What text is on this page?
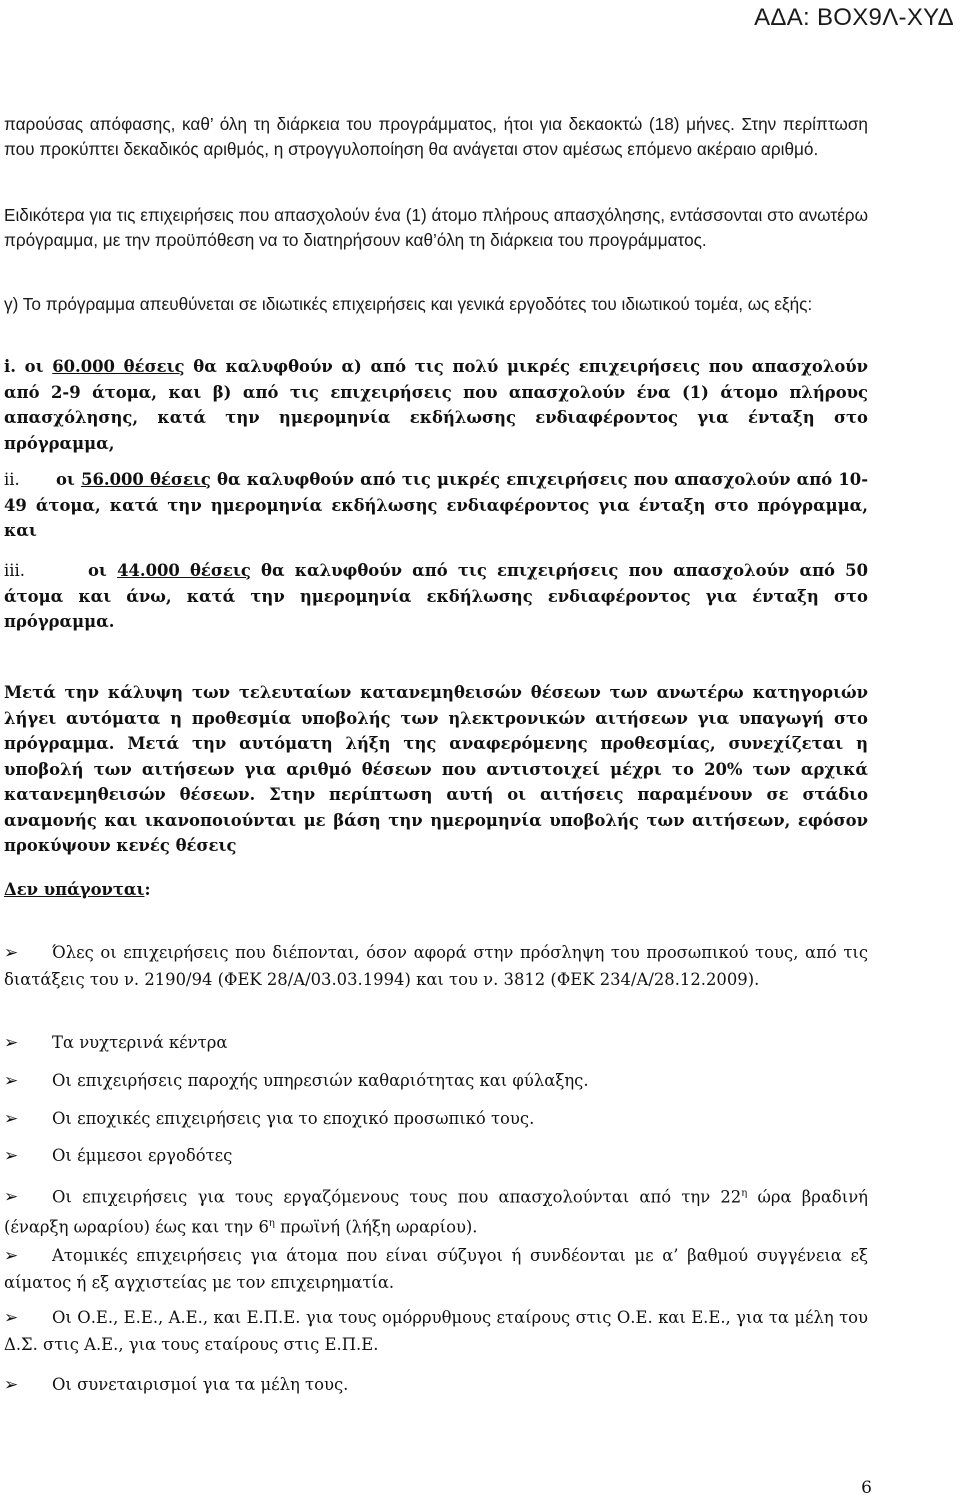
ΑΔΑ: ΒΟΧ9Λ-ΧΥΔ

παρούσας απόφασης, καθ’ όλη τη διάρκεια του προγράμματος, ήτοι για δεκαοκτώ (18) μήνες. Στην περίπτωση που προκύπτει δεκαδικός αριθμός, η στρογγυλοποίηση θα ανάγεται στον αμέσως επόμενο ακέραιο αριθμό.

Ειδικότερα για τις επιχειρήσεις που απασχολούν ένα (1) άτομο πλήρους απασχόλησης, εντάσσονται στο ανωτέρω πρόγραμμα, με την προϋπόθεση να το διατηρήσουν καθ’όλη τη διάρκεια του προγράμματος.

γ) Το πρόγραμμα απευθύνεται σε ιδιωτικές επιχειρήσεις και γενικά εργοδότες του ιδιωτικού τομέα, ως εξής:

i. οι 60.000 θέσεις θα καλυφθούν α) από τις πολύ μικρές επιχειρήσεις που απασχολούν από 2-9 άτομα, και β) από τις επιχειρήσεις που απασχολούν ένα (1) άτομο πλήρους απασχόλησης, κατά την ημερομηνία εκδήλωσης ενδιαφέροντος για ένταξη στο πρόγραμμα,

ii. οι 56.000 θέσεις θα καλυφθούν από τις μικρές επιχειρήσεις που απασχολούν από 10-49 άτομα, κατά την ημερομηνία εκδήλωσης ενδιαφέροντος για ένταξη στο πρόγραμμα, και

iii.	οι 44.000 θέσεις θα καλυφθούν από τις επιχειρήσεις που απασχολούν από 50 άτομα και άνω, κατά την ημερομηνία εκδήλωσης ενδιαφέροντος για ένταξη στο πρόγραμμα.

Μετά την κάλυψη των τελευταίων κατανεμηθεισών θέσεων των ανωτέρω κατηγοριών λήγει αυτόματα η προθεσμία υποβολής των ηλεκτρονικών αιτήσεων για υπαγωγή στο πρόγραμμα. Μετά την αυτόματη λήξη της αναφερόμενης προθεσμίας, συνεχίζεται η υποβολή των αιτήσεων για αριθμό θέσεων που αντιστοιχεί μέχρι το 20% των αρχικά κατανεμηθεισών θέσεων. Στην περίπτωση αυτή οι αιτήσεις παραμένουν σε στάδιο αναμονής και ικανοποιούνται με βάση την ημερομηνία υποβολής των αιτήσεων, εφόσον προκύψουν κενές θέσεις

Δεν υπάγονται:

➢ Όλες οι επιχειρήσεις που διέπονται, όσον αφορά στην πρόσληψη του προσωπικού τους, από τις διατάξεις του ν. 2190/94 (ΦΕΚ 28/Α/03.03.1994) και του ν. 3812 (ΦΕΚ 234/Α/28.12.2009).

➢ Τα νυχτερινά κέντρα

➢ Οι επιχειρήσεις παροχής υπηρεσιών καθαριότητας και φύλαξης.

➢ Οι εποχικές επιχειρήσεις για το εποχικό προσωπικό τους.

➢ Οι έμμεσοι εργοδότες

➢ Οι επιχειρήσεις για τους εργαζόμενους τους που απασχολούνται από την $22^\eta$ ώρα βραδινή (έναρξη ωραρίου) έως και την $6^\eta$ πρωϊνή (λήξη ωραρίου).

➢ Ατομικές επιχειρήσεις για άτομα που είναι σύζυγοι ή συνδέονται με α’ βαθμού συγγένεια εξ αίματος ή εξ αγχιστείας με τον επιχειρηματία.

➢ Οι Ο.Ε., Ε.Ε., Α.Ε., και Ε.Π.Ε. για τους ομόρρυθμους εταίρους στις Ο.Ε. και Ε.Ε., για τα μέλη του Δ.Σ. στις Α.Ε., για τους εταίρους στις Ε.Π.Ε.

➢ Οι συνεταιρισμοί για τα μέλη τους.

6
